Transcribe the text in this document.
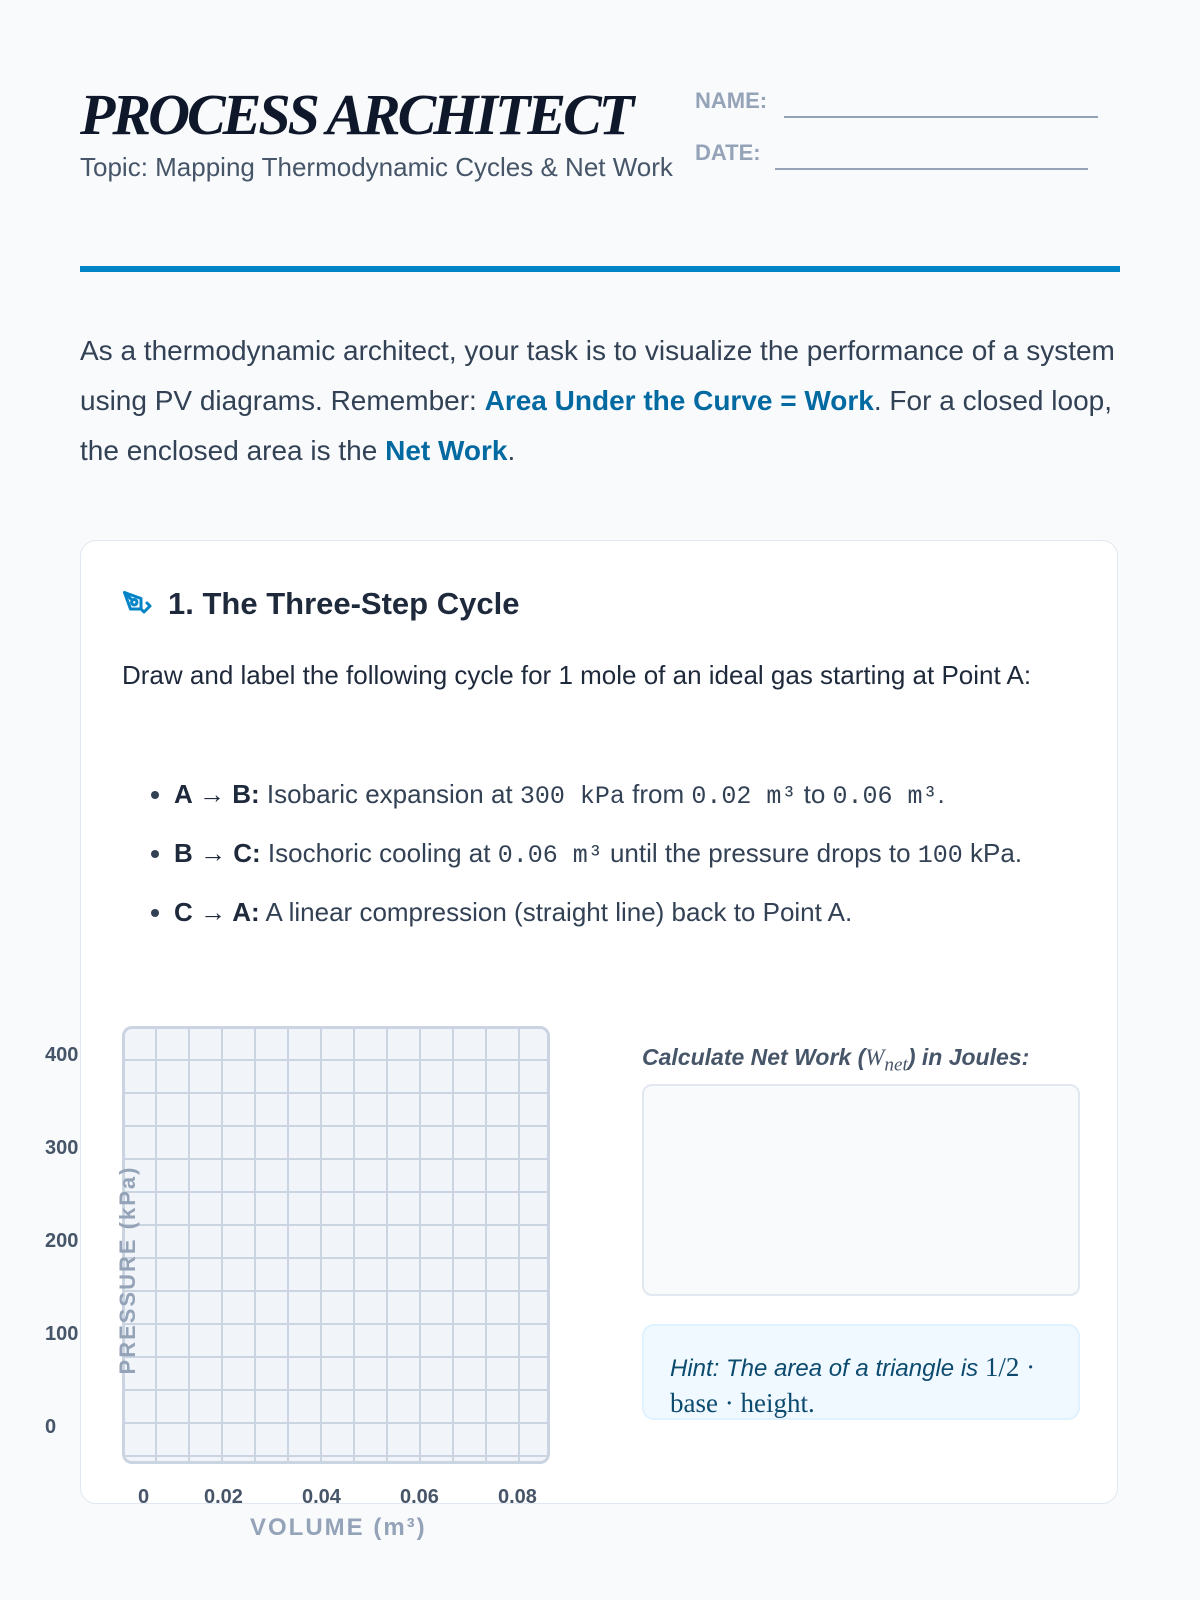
PROCESS ARCHITECT
Topic: Mapping Thermodynamic Cycles & Net Work
NAME:
DATE:

As a thermodynamic architect, your task is to visualize the performance of a system using PV diagrams. Remember: Area Under the Curve = Work. For a closed loop, the enclosed area is the Net Work.

1. The Three-Step Cycle
Draw and label the following cycle for 1 mole of an ideal gas starting at Point A:
• A → B: Isobaric expansion at 300 kPa from 0.02 m³ to 0.06 m³.
• B → C: Isochoric cooling at 0.06 m³ until the pressure drops to 100 kPa.
• C → A: A linear compression (straight line) back to Point A.
400
300
200
100
0
0	0.02	0.04	0.06	0.08
PRESSURE (kPa)
VOLUME (m³)
Calculate Net Work $(W_{net})$ in Joules:
Hint: The area of a triangle is 1/2 · base · height.
